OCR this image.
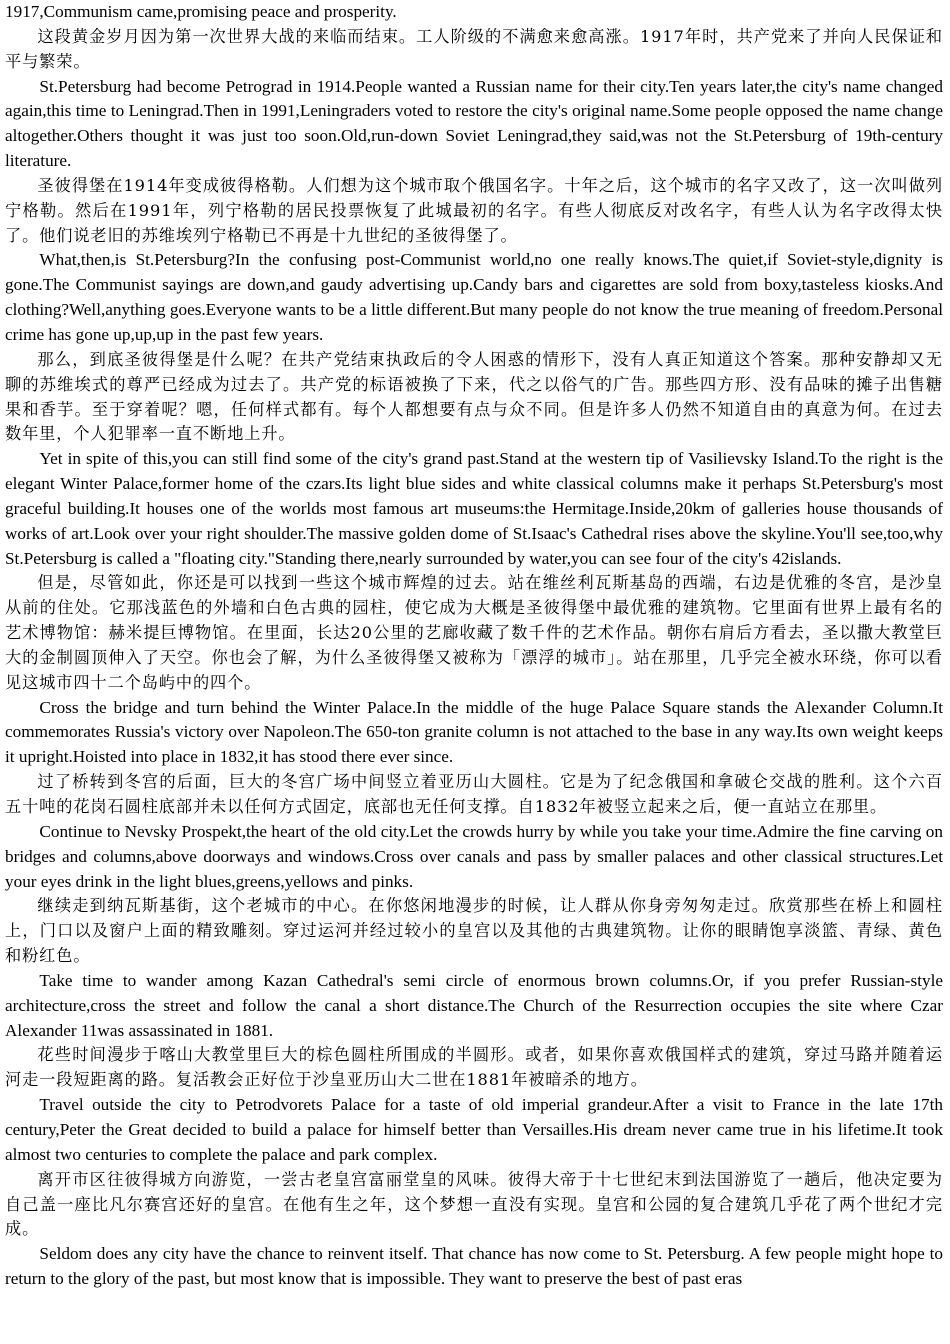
1917,Communism came,promising peace and prosperity.

这段黄金岁月因为第一次世界大战的来临而结束。工人阶级的不满愈来愈高涨。1917年时，共产党来了并向人民保证和平与繁荣。

St.Petersburg had become Petrograd in 1914.People wanted a Russian name for their city.Ten years later,the city's name changed again,this time to Leningrad.Then in 1991,Leningraders voted to restore the city's original name.Some people opposed the name change altogether.Others thought it was just too soon.Old,run-down Soviet Leningrad,they said,was not the St.Petersburg of 19th-century literature.

圣彼得堡在1914年变成彼得格勒。人们想为这个城市取个俄国名字。十年之后，这个城市的名字又改了，这一次叫做列宁格勒。然后在1991年，列宁格勒的居民投票恢复了此城最初的名字。有些人彻底反对改名字，有些人认为名字改得太快了。他们说老旧的苏维埃列宁格勒已不再是十九世纪的圣彼得堡了。

What,then,is St.Petersburg?In the confusing post-Communist world,no one really knows.The quiet,if Soviet-style,dignity is gone.The Communist sayings are down,and gaudy advertising up.Candy bars and cigarettes are sold from boxy,tasteless kiosks.And clothing?Well,anything goes.Everyone wants to be a little different.But many people do not know the true meaning of freedom.Personal crime has gone up,up,up in the past few years.

那么，到底圣彼得堡是什么呢？在共产党结束执政后的令人困惑的情形下，没有人真正知道这个答案。那种安静却又无聊的苏维埃式的尊严已经成为过去了。共产党的标语被换了下来，代之以俗气的广告。那些四方形、没有品味的摊子出售糖果和香芋。至于穿着呢？嗯，任何样式都有。每个人都想要有点与众不同。但是许多人仍然不知道自由的真意为何。在过去数年里，个人犯罪率一直不断地上升。

Yet in spite of this,you can still find some of the city's grand past.Stand at the western tip of Vasilievsky Island.To the right is the elegant Winter Palace,former home of the czars.Its light blue sides and white classical columns make it perhaps St.Petersburg's most graceful building.It houses one of the worlds most famous art museums:the Hermitage.Inside,20km of galleries house thousands of works of art.Look over your right shoulder.The massive golden dome of St.Isaac's Cathedral rises above the skyline.You'll see,too,why St.Petersburg is called a "floating city."Standing there,nearly surrounded by water,you can see four of the city's 42islands.

但是，尽管如此，你还是可以找到一些这个城市辉煌的过去。站在维丝利瓦斯基岛的西端，右边是优雅的冬宫，是沙皇从前的住处。它那浅蓝色的外墙和白色古典的园柱，使它成为大概是圣彼得堡中最优雅的建筑物。它里面有世界上最有名的艺术博物馆：赫米提巨博物馆。在里面，长达20公里的艺廊收藏了数千件的艺术作品。朝你右肩后方看去，圣以撒大教堂巨大的金制圆顶伸入了天空。你也会了解，为什么圣彼得堡又被称为「漂浮的城市」。站在那里，几乎完全被水环绕，你可以看见这城市四十二个岛屿中的四个。

Cross the bridge and turn behind the Winter Palace.In the middle of the huge Palace Square stands the Alexander Column.It commemorates Russia's victory over Napoleon.The 650-ton granite column is not attached to the base in any way.Its own weight keeps it upright.Hoisted into place in 1832,it has stood there ever since.

过了桥转到冬宫的后面，巨大的冬宫广场中间竖立着亚历山大圆柱。它是为了纪念俄国和拿破仑交战的胜利。这个六百五十吨的花岗石圆柱底部并未以任何方式固定，底部也无任何支撑。自1832年被竖立起来之后，便一直站立在那里。

Continue to Nevsky Prospekt,the heart of the old city.Let the crowds hurry by while you take your time.Admire the fine carving on bridges and columns,above doorways and windows.Cross over canals and pass by smaller palaces and other classical structures.Let your eyes drink in the light blues,greens,yellows and pinks.

继续走到纳瓦斯基街，这个老城市的中心。在你悠闲地漫步的时候，让人群从你身旁匆匆走过。欣赏那些在桥上和圆柱上，门口以及窗户上面的精致雕刻。穿过运河并经过较小的皇宫以及其他的古典建筑物。让你的眼睛饱享淡篮、青绿、黄色和粉红色。

Take time to wander among Kazan Cathedral's semi circle of enormous brown columns.Or, if you prefer Russian-style architecture,cross the street and follow the canal a short distance.The Church of the Resurrection occupies the site where Czar Alexander 11was assassinated in 1881.

花些时间漫步于喀山大教堂里巨大的棕色圆柱所围成的半圆形。或者，如果你喜欢俄国样式的建筑，穿过马路并随着运河走一段短距离的路。复活教会正好位于沙皇亚历山大二世在1881年被暗杀的地方。

Travel outside the city to Petrodvorets Palace for a taste of old imperial grandeur.After a visit to France in the late 17th century,Peter the Great decided to build a palace for himself better than Versailles.His dream never came true in his lifetime.It took almost two centuries to complete the palace and park complex.

离开市区往彼得城方向游览，一尝古老皇宫富丽堂皇的风味。彼得大帝于十七世纪末到法国游览了一趟后，他决定要为自己盖一座比凡尔赛宫还好的皇宫。在他有生之年，这个梦想一直没有实现。皇宫和公园的复合建筑几乎花了两个世纪才完成。

Seldom does any city have the chance to reinvent itself. That chance has now come to St. Petersburg. A few people might hope to return to the glory of the past, but most know that is impossible. They want to preserve the best of past eras
